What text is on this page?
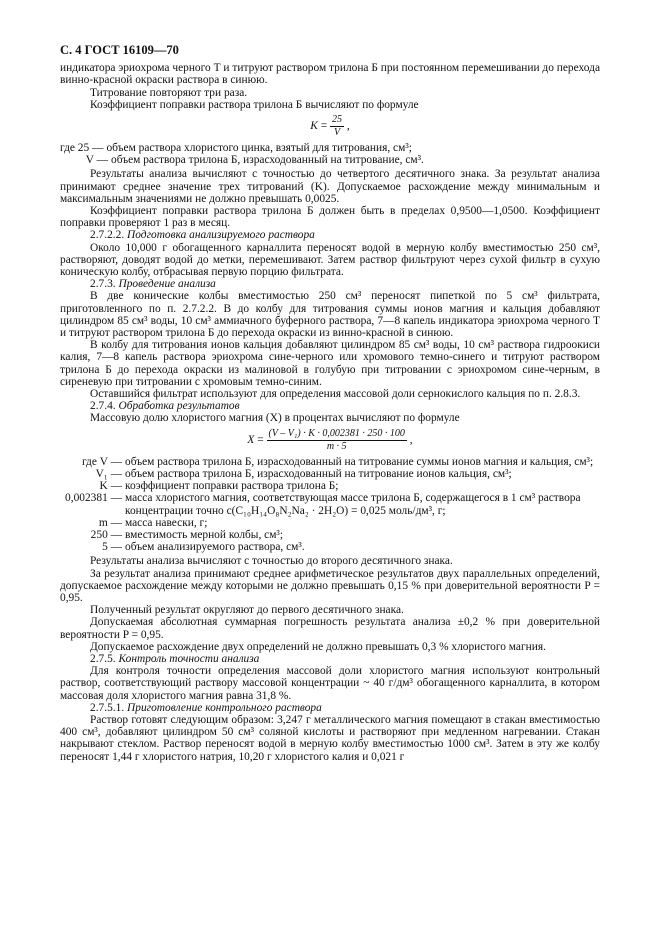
С. 4 ГОСТ 16109—70

индикатора эриохрома черного Т и титруют раствором трилона Б при постоянном перемешивании до перехода винно-красной окраски раствора в синюю.

Титрование повторяют три раза.

Коэффициент поправки раствора трилона Б вычисляют по формуле

$K = \frac{25}{V}$ ,
где 25 — объем раствора хлористого цинка, взятый для титрования, см³;
V — объем раствора трилона Б, израсходованный на титрование, см³.

Результаты анализа вычисляют с точностью до четвертого десятичного знака. За результат анализа принимают среднее значение трех титрований (K). Допускаемое расхождение между минимальным и максимальным значениями не должно превышать 0,0025.

Коэффициент поправки раствора трилона Б должен быть в пределах 0,9500—1,0500. Коэффициент поправки проверяют 1 раз в месяц.

2.7.2.2. Подготовка анализируемого раствора

Около 10,000 г обогащенного карналлита переносят водой в мерную колбу вместимостью 250 см³, растворяют, доводят водой до метки, перемешивают. Затем раствор фильтруют через сухой фильтр в сухую коническую колбу, отбрасывая первую порцию фильтрата.

2.7.3. Проведение анализа

В две конические колбы вместимостью 250 см³ переносят пипеткой по 5 см³ фильтрата, приготовленного по п. 2.7.2.2. В до колбу для титрования суммы ионов магния и кальция добавляют цилиндром 85 см³ воды, 10 см³ аммиачного буферного раствора, 7—8 капель индикатора эриохрома черного Т и титруют раствором трилона Б до перехода окраски из винно-красной в синюю.

В колбу для титрования ионов кальция добавляют цилиндром 85 см³ воды, 10 см³ раствора гидроокиси калия, 7—8 капель раствора эриохрома сине-черного или хромового темно-синего и титруют раствором трилона Б до перехода окраски из малиновой в голубую при титровании с эриохромом сине-черным, в сиреневую при титровании с хромовым темно-синим.

Оставшийся фильтрат используют для определения массовой доли сернокислого кальция по п. 2.8.3.

2.7.4. Обработка результатов

Массовую долю хлористого магния (X) в процентах вычисляют по формуле

$X = \frac{\text{(V – V₁) · K · 0,002381 · 250 · 100}}{m \cdot 5}$ ,
где V — объем раствора трилона Б, израсходованный на титрование суммы ионов магния и кальция, см³;
V₁ — объем раствора трилона Б, израсходованный на титрование ионов кальция, см³;
K — коэффициент поправки раствора трилона Б;
0,002381 — масса хлористого магния, соответствующая массе трилона Б, содержащегося в 1 см³ раствора концентрации точно c(C₁₀H₁₄O₈N₂Na₂ · 2H₂O) = 0,025 моль/дм³, г;
m — масса навески, г;
250 — вместимость мерной колбы, см³;
5 — объем анализируемого раствора, см³.

Результаты анализа вычисляют с точностью до второго десятичного знака.

За результат анализа принимают среднее арифметическое результатов двух параллельных определений, допускаемое расхождение между которыми не должно превышать 0,15 % при доверительной вероятности P = 0,95.

Полученный результат округляют до первого десятичного знака.

Допускаемая абсолютная суммарная погрешность результата анализа ±0,2 % при доверительной вероятности P = 0,95.

Допускаемое расхождение двух определений не должно превышать 0,3 % хлористого магния.

2.7.5. Контроль точности анализа

Для контроля точности определения массовой доли хлористого магния используют контрольный раствор, соответствующий раствору массовой концентрации ~ 40 г/дм³ обогащенного карналлита, в котором массовая доля хлористого магния равна 31,8 %.

2.7.5.1. Приготовление контрольного раствора

Раствор готовят следующим образом: 3,247 г металлического магния помещают в стакан вместимостью 400 см³, добавляют цилиндром 50 см³ соляной кислоты и растворяют при медленном нагревании. Стакан накрывают стеклом. Раствор переносят водой в мерную колбу вместимостью 1000 см³. Затем в эту же колбу переносят 1,44 г хлористого натрия, 10,20 г хлористого калия и 0,021 г
